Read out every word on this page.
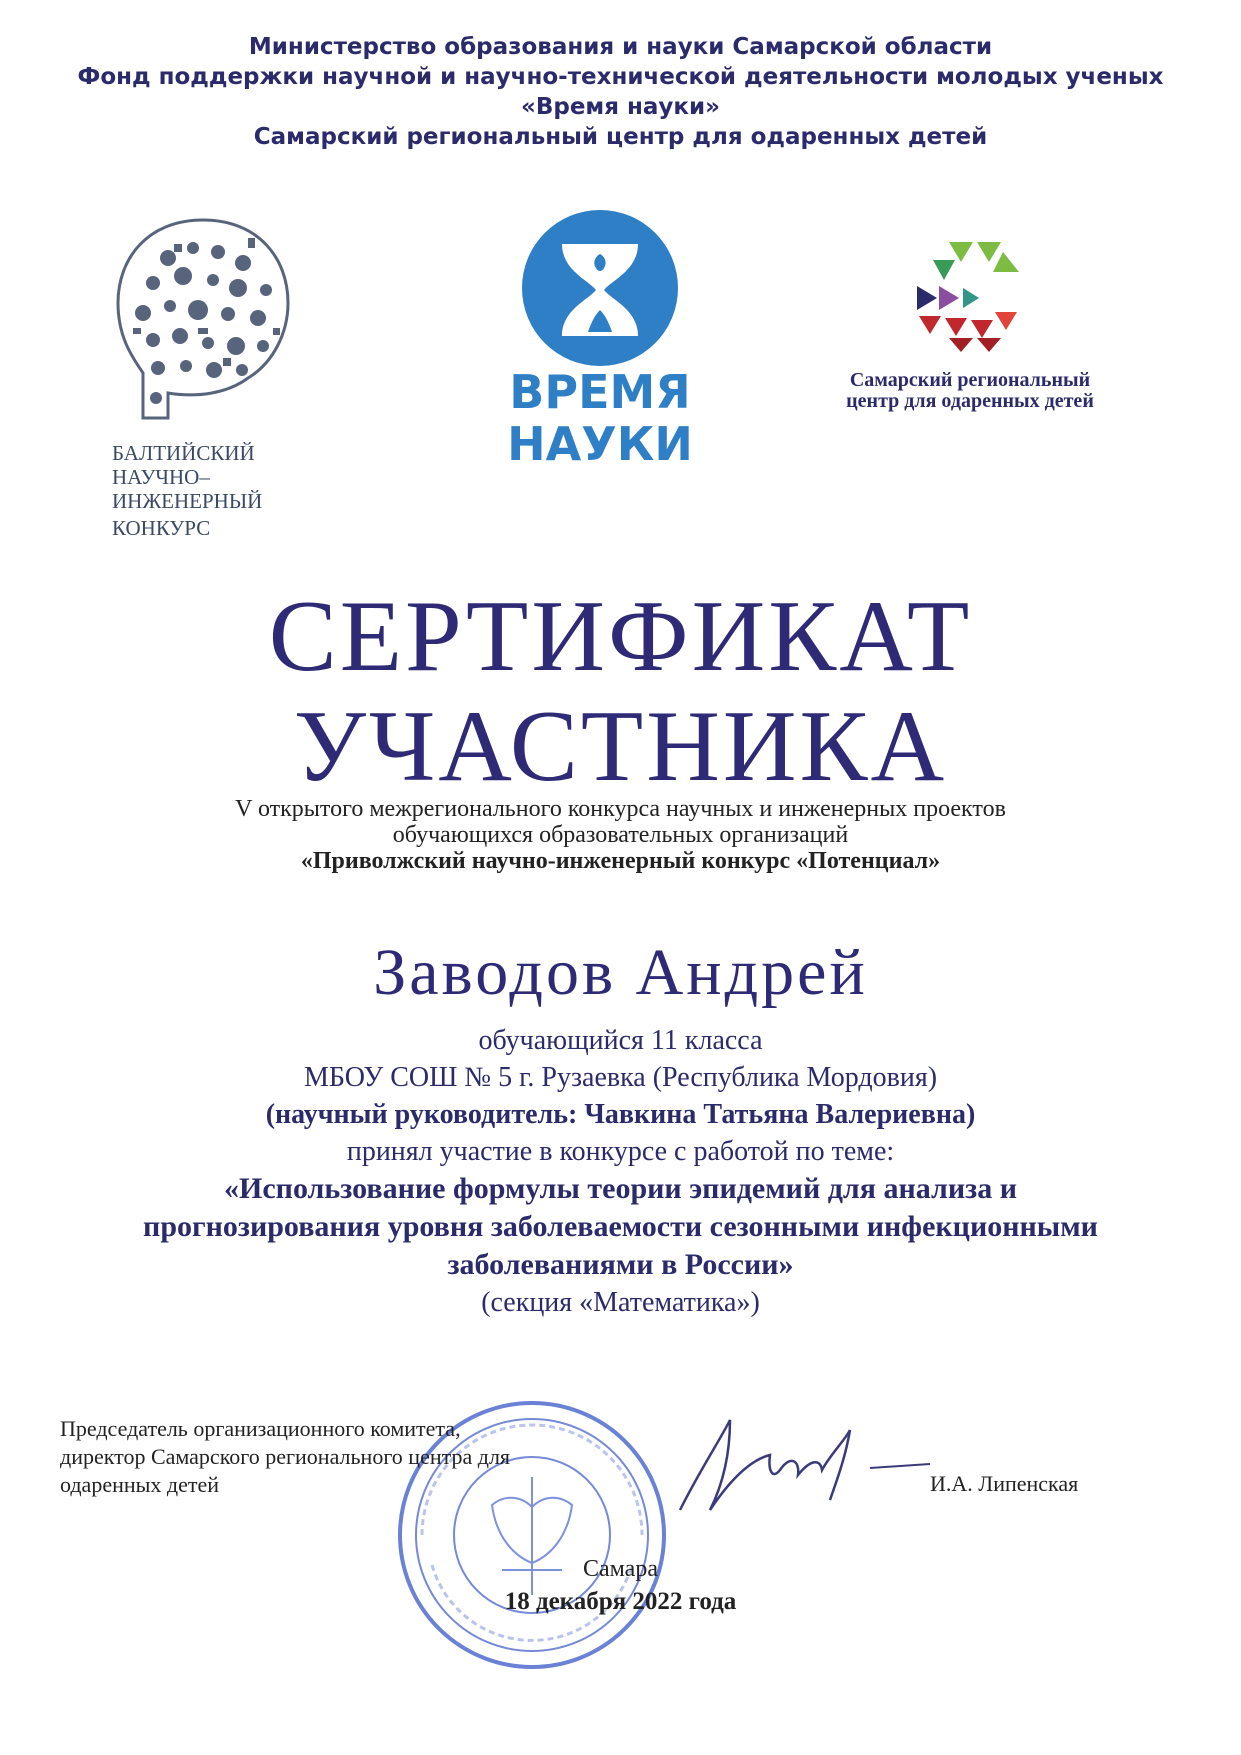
Министерство образования и науки Самарской области
Фонд поддержки научной и научно-технической деятельности молодых ученых
«Время науки»
Самарский региональный центр для одаренных детей
БАЛТИЙСКИЙ
НАУЧНО–
ИНЖЕНЕРНЫЙ
КОНКУРС
ВРЕМЯ
НАУКИ
Самарский региональный
центр для одаренных детей
СЕРТИФИКАТ
УЧАСТНИКА
V открытого межрегионального конкурса научных и инженерных проектов
обучающихся образовательных организаций
«Приволжский научно-инженерный конкурс «Потенциал»
Заводов Андрей
обучающийся 11 класса
МБОУ СОШ № 5 г. Рузаевка (Республика Мордовия)
(научный руководитель: Чавкина Татьяна Валериевна)
принял участие в конкурсе с работой по теме:
«Использование формулы теории эпидемий для анализа и
прогнозирования уровня заболеваемости сезонными инфекционными
заболеваниями в России»
(секция «Математика»)
Председатель организационного комитета,
директор Самарского регионального центра для
одаренных детей	И.А. Липенская
Самара
18 декабря 2022 года
